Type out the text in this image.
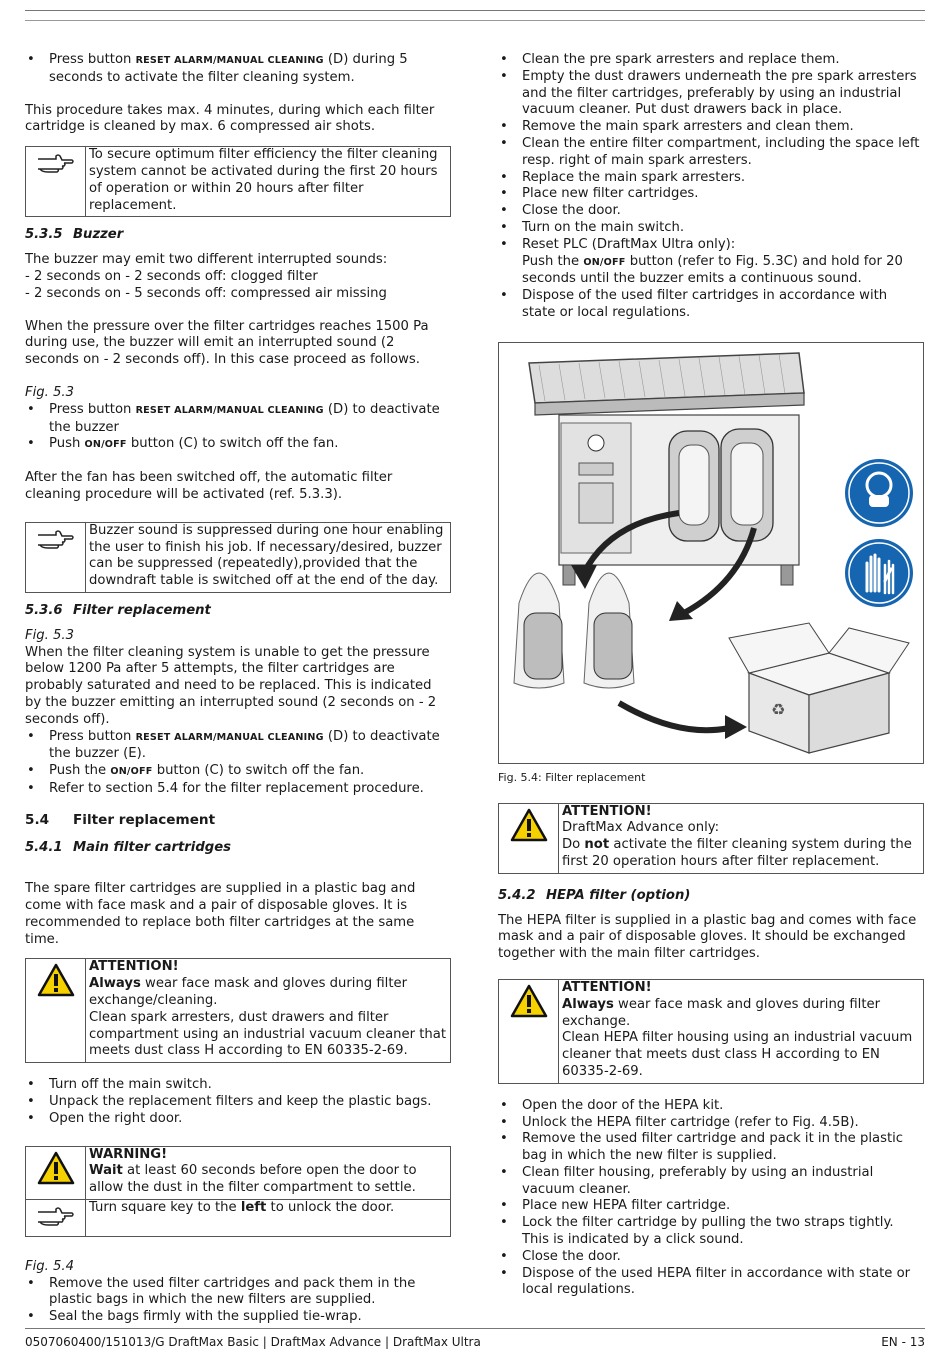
• Press button RESET ALARM/MANUAL CLEANING (D) during 5 seconds to activate the filter cleaning system.

This procedure takes max. 4 minutes, during which each filter cartridge is cleaned by max. 6 compressed air shots.

	To secure optimum filter efficiency the filter cleaning system cannot be activated during the first 20 hours of operation or within 20 hours after filter replacement.
5.3.5 Buzzer

The buzzer may emit two different interrupted sounds:

- 2 seconds on - 2 seconds off: clogged filter

- 2 seconds on - 5 seconds off: compressed air missing

When the pressure over the filter cartridges reaches 1500 Pa during use, the buzzer will emit an interrupted sound (2 seconds on - 2 seconds off). In this case proceed as follows.

Fig. 5.3

• Press button RESET ALARM/MANUAL CLEANING (D) to deactivate the buzzer
• Push ON/OFF button (C) to switch off the fan.

After the fan has been switched off, the automatic filter cleaning procedure will be activated (ref. 5.3.3).

	Buzzer sound is suppressed during one hour enabling the user to finish his job. If necessary/desired, buzzer can be suppressed (repeatedly),provided that the downdraft table is switched off at the end of the day.
5.3.6 Filter replacement

Fig. 5.3

When the filter cleaning system is unable to get the pressure below 1200 Pa after 5 attempts, the filter cartridges are probably saturated and need to be replaced. This is indicated by the buzzer emitting an interrupted sound (2 seconds on - 2 seconds off).

• Press button RESET ALARM/MANUAL CLEANING (D) to deactivate the buzzer (E).
• Push the ON/OFF button (C) to switch off the fan.
• Refer to section 5.4 for the filter replacement procedure.
5.4 Filter replacement
5.4.1 Main filter cartridges

The spare filter cartridges are supplied in a plastic bag and come with face mask and a pair of disposable gloves. It is recommended to replace both filter cartridges at the same time.

ATTENTION!

Always wear face mask and gloves during filter exchange/cleaning.

Clean spark arresters, dust drawers and filter compartment using an industrial vacuum cleaner that meets dust class H according to EN 60335-2-69.

• Turn off the main switch.
• Unpack the replacement filters and keep the plastic bags.
• Open the right door.

WARNING!

Wait at least 60 seconds before open the door to allow the dust in the filter compartment to settle.

	Turn square key to the left to unlock the door.

Fig. 5.4

• Remove the used filter cartridges and pack them in the plastic bags in which the new filters are supplied.
• Seal the bags firmly with the supplied tie-wrap.
• Clean the pre spark arresters and replace them.
• Empty the dust drawers underneath the pre spark arresters and the filter cartridges, preferably by using an industrial vacuum cleaner. Put dust drawers back in place.
• Remove the main spark arresters and clean them.
• Clean the entire filter compartment, including the space left resp. right of main spark arresters.
• Replace the main spark arresters.
• Place new filter cartridges.
• Close the door.
• Turn on the main switch.
• Reset PLC (DraftMax Ultra only):
Push the ON/OFF button (refer to Fig. 5.3C) and hold for 20 seconds until the buzzer emits a continuous sound.
• Dispose of the used filter cartridges in accordance with state or local regulations.
♻

Fig. 5.4: Filter replacement

ATTENTION!

DraftMax Advance only:

Do not activate the filter cleaning system during the first 20 operation hours after filter replacement.

5.4.2 HEPA filter (option)

The HEPA filter is supplied in a plastic bag and comes with face mask and a pair of disposable gloves. It should be exchanged together with the main filter cartridges.

ATTENTION!

Always wear face mask and gloves during filter exchange.

Clean HEPA filter housing using an industrial vacuum cleaner that meets dust class H according to EN 60335-2-69.

• Open the door of the HEPA kit.
• Unlock the HEPA filter cartridge (refer to Fig. 4.5B).
• Remove the used filter cartridge and pack it in the plastic bag in which the new filter is supplied.
• Clean filter housing, preferably by using an industrial vacuum cleaner.
• Place new HEPA filter cartridge.
• Lock the filter cartridge by pulling the two straps tightly. This is indicated by a click sound.
• Close the door.
• Dispose of the used HEPA filter in accordance with state or local regulations.
0507060400/151013/G DraftMax Basic | DraftMax Advance | DraftMax Ultra	EN - 13
